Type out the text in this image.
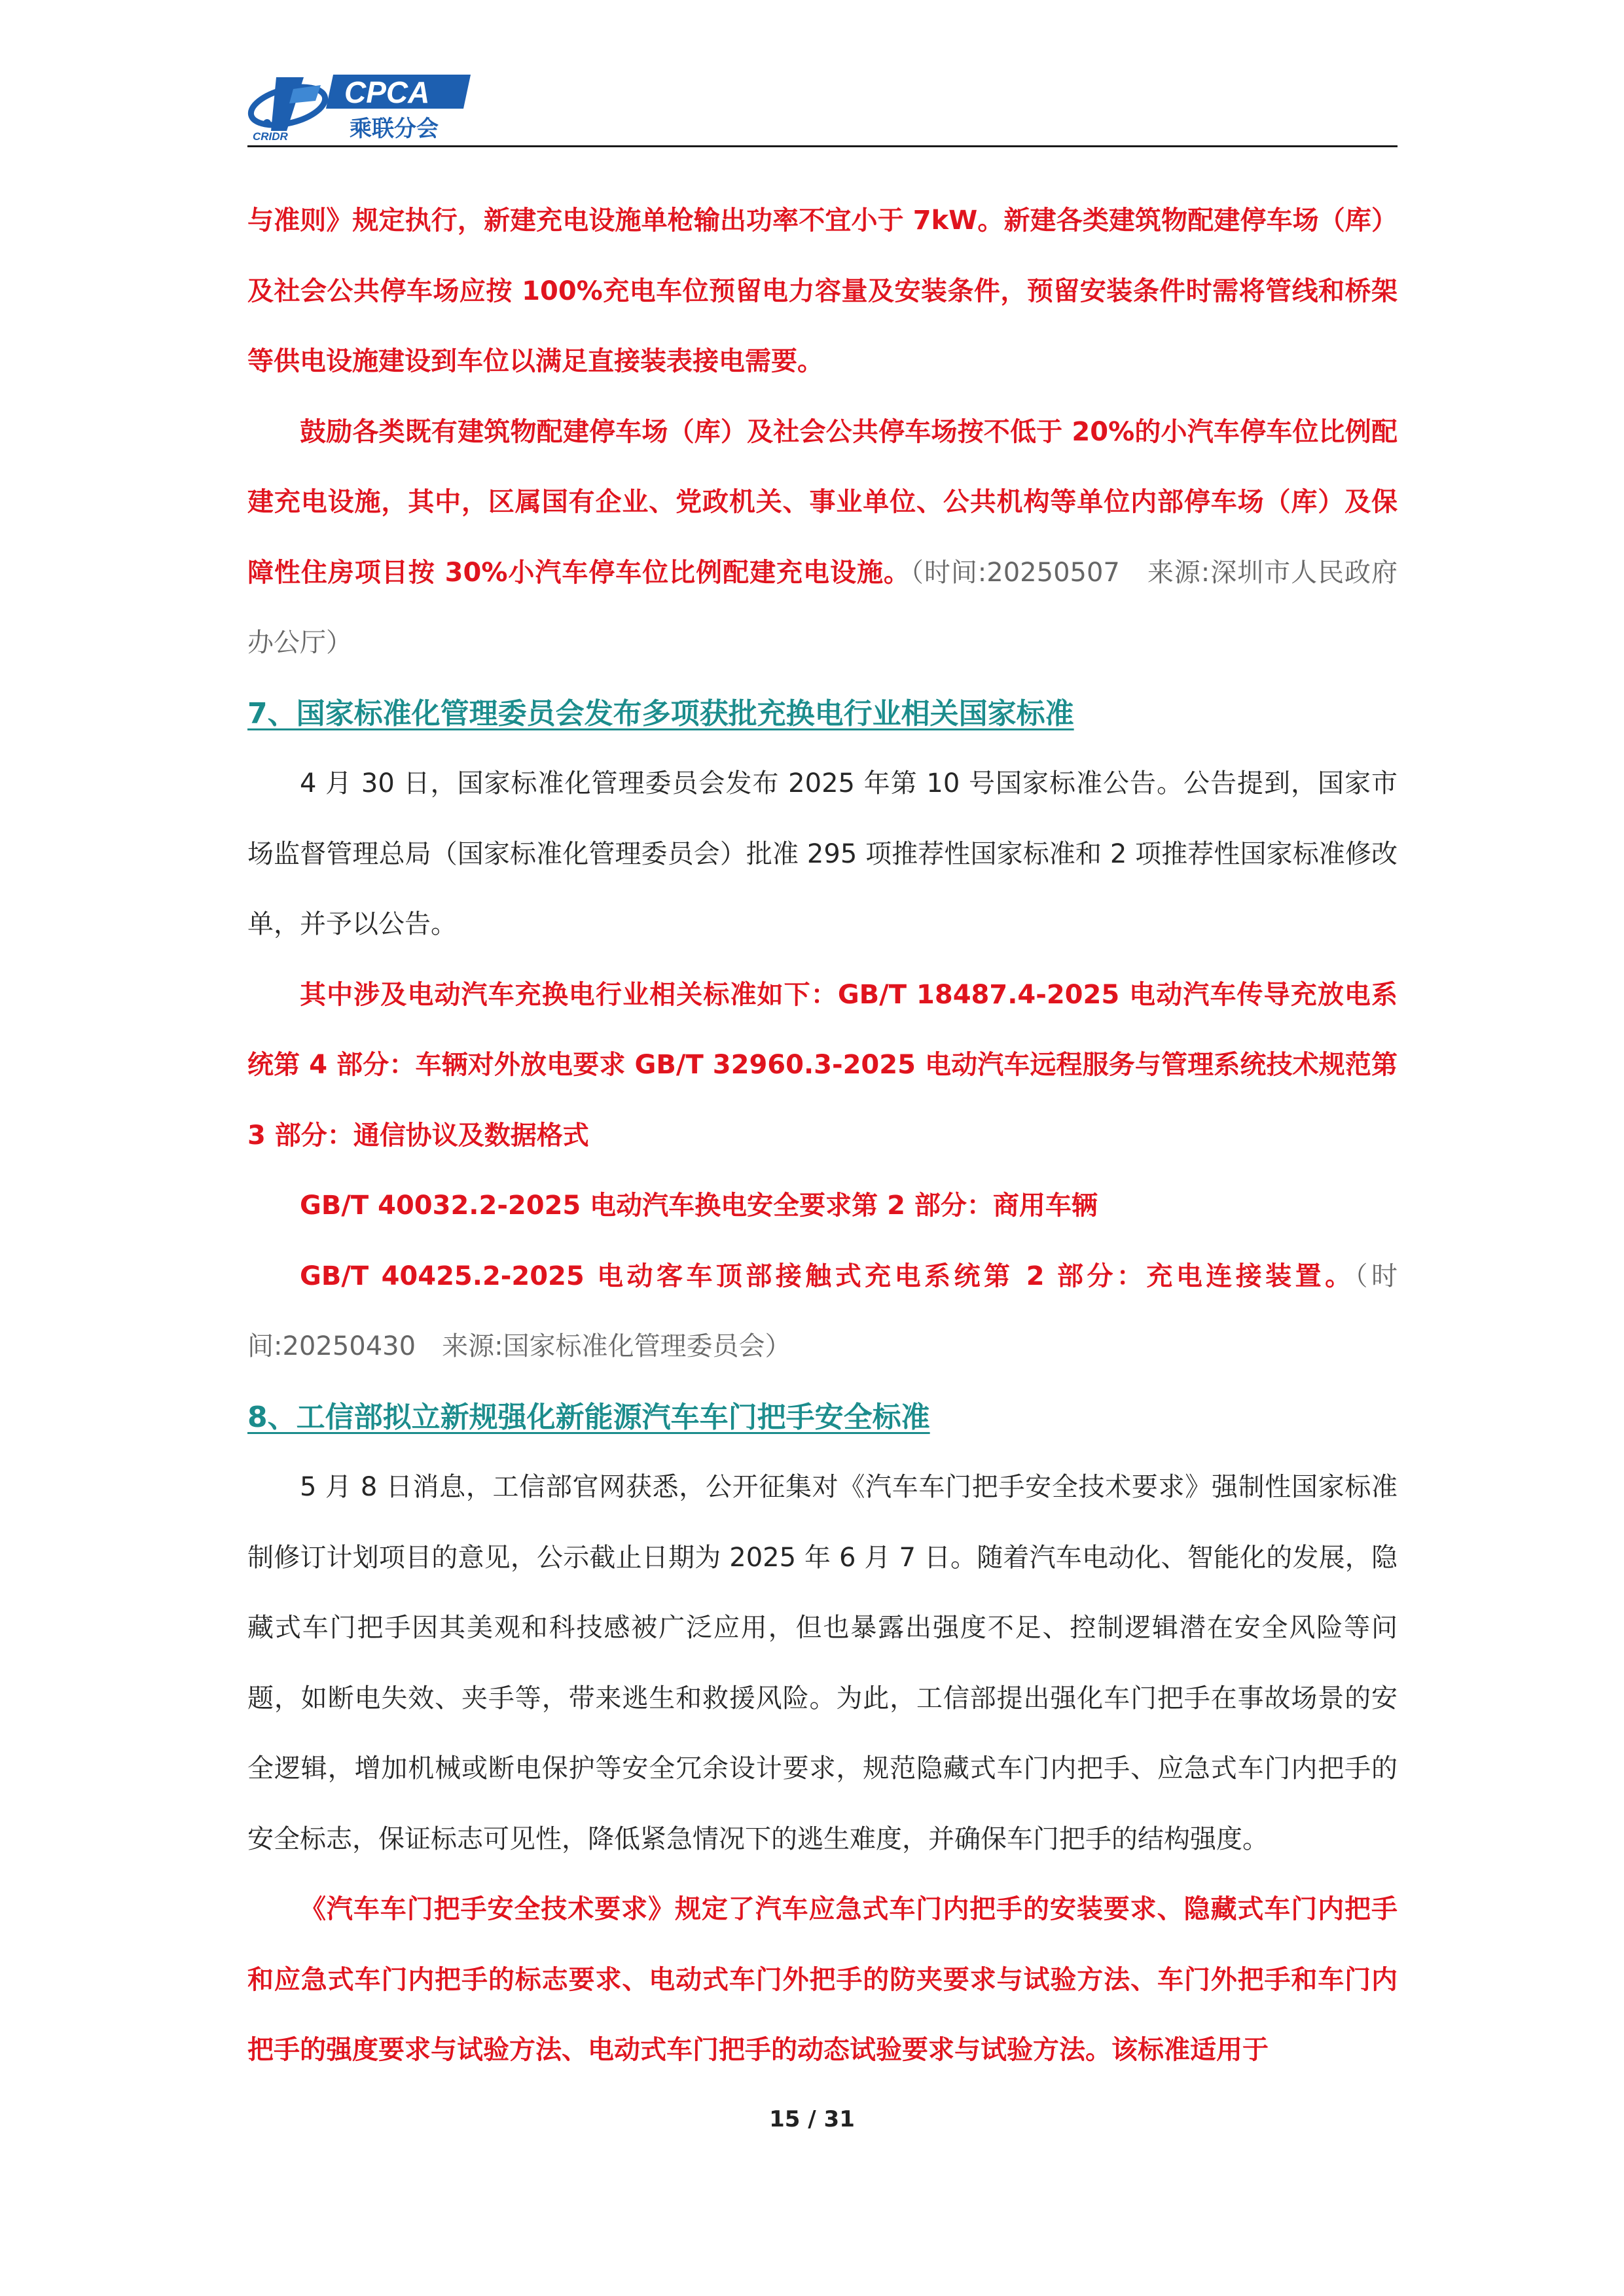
CPCA
乘联分会
CRIDR

与准则》规定执行，新建充电设施单枪输出功率不宜小于 7kW。新建各类建筑物配建停车场（库）及社会公共停车场应按 100%充电车位预留电力容量及安装条件，预留安装条件时需将管线和桥架等供电设施建设到车位以满足直接装表接电需要。

鼓励各类既有建筑物配建停车场（库）及社会公共停车场按不低于 20%的小汽车停车位比例配建充电设施，其中，区属国有企业、党政机关、事业单位、公共机构等单位内部停车场（库）及保障性住房项目按 30%小汽车停车位比例配建充电设施。（时间:20250507　来源:深圳市人民政府办公厅）

7、国家标准化管理委员会发布多项获批充换电行业相关国家标准

4 月 30 日，国家标准化管理委员会发布 2025 年第 10 号国家标准公告。公告提到，国家市场监督管理总局（国家标准化管理委员会）批准 295 项推荐性国家标准和 2 项推荐性国家标准修改单，并予以公告。

其中涉及电动汽车充换电行业相关标准如下：GB/T 18487.4-2025 电动汽车传导充放电系统第 4 部分：车辆对外放电要求 GB/T 32960.3-2025 电动汽车远程服务与管理系统技术规范第 3 部分：通信协议及数据格式

GB/T 40032.2-2025 电动汽车换电安全要求第 2 部分：商用车辆

GB/T 40425.2-2025 电动客车顶部接触式充电系统第 2 部分：充电连接装置。（时间:20250430　来源:国家标准化管理委员会）

8、工信部拟立新规强化新能源汽车车门把手安全标准

5 月 8 日消息，工信部官网获悉，公开征集对《汽车车门把手安全技术要求》强制性国家标准制修订计划项目的意见，公示截止日期为 2025 年 6 月 7 日。随着汽车电动化、智能化的发展，隐藏式车门把手因其美观和科技感被广泛应用，但也暴露出强度不足、控制逻辑潜在安全风险等问题，如断电失效、夹手等，带来逃生和救援风险。为此，工信部提出强化车门把手在事故场景的安全逻辑，增加机械或断电保护等安全冗余设计要求，规范隐藏式车门内把手、应急式车门内把手的安全标志，保证标志可见性，降低紧急情况下的逃生难度，并确保车门把手的结构强度。

《汽车车门把手安全技术要求》规定了汽车应急式车门内把手的安装要求、隐藏式车门内把手和应急式车门内把手的标志要求、电动式车门外把手的防夹要求与试验方法、车门外把手和车门内把手的强度要求与试验方法、电动式车门把手的动态试验要求与试验方法。该标准适用于

15 / 31
